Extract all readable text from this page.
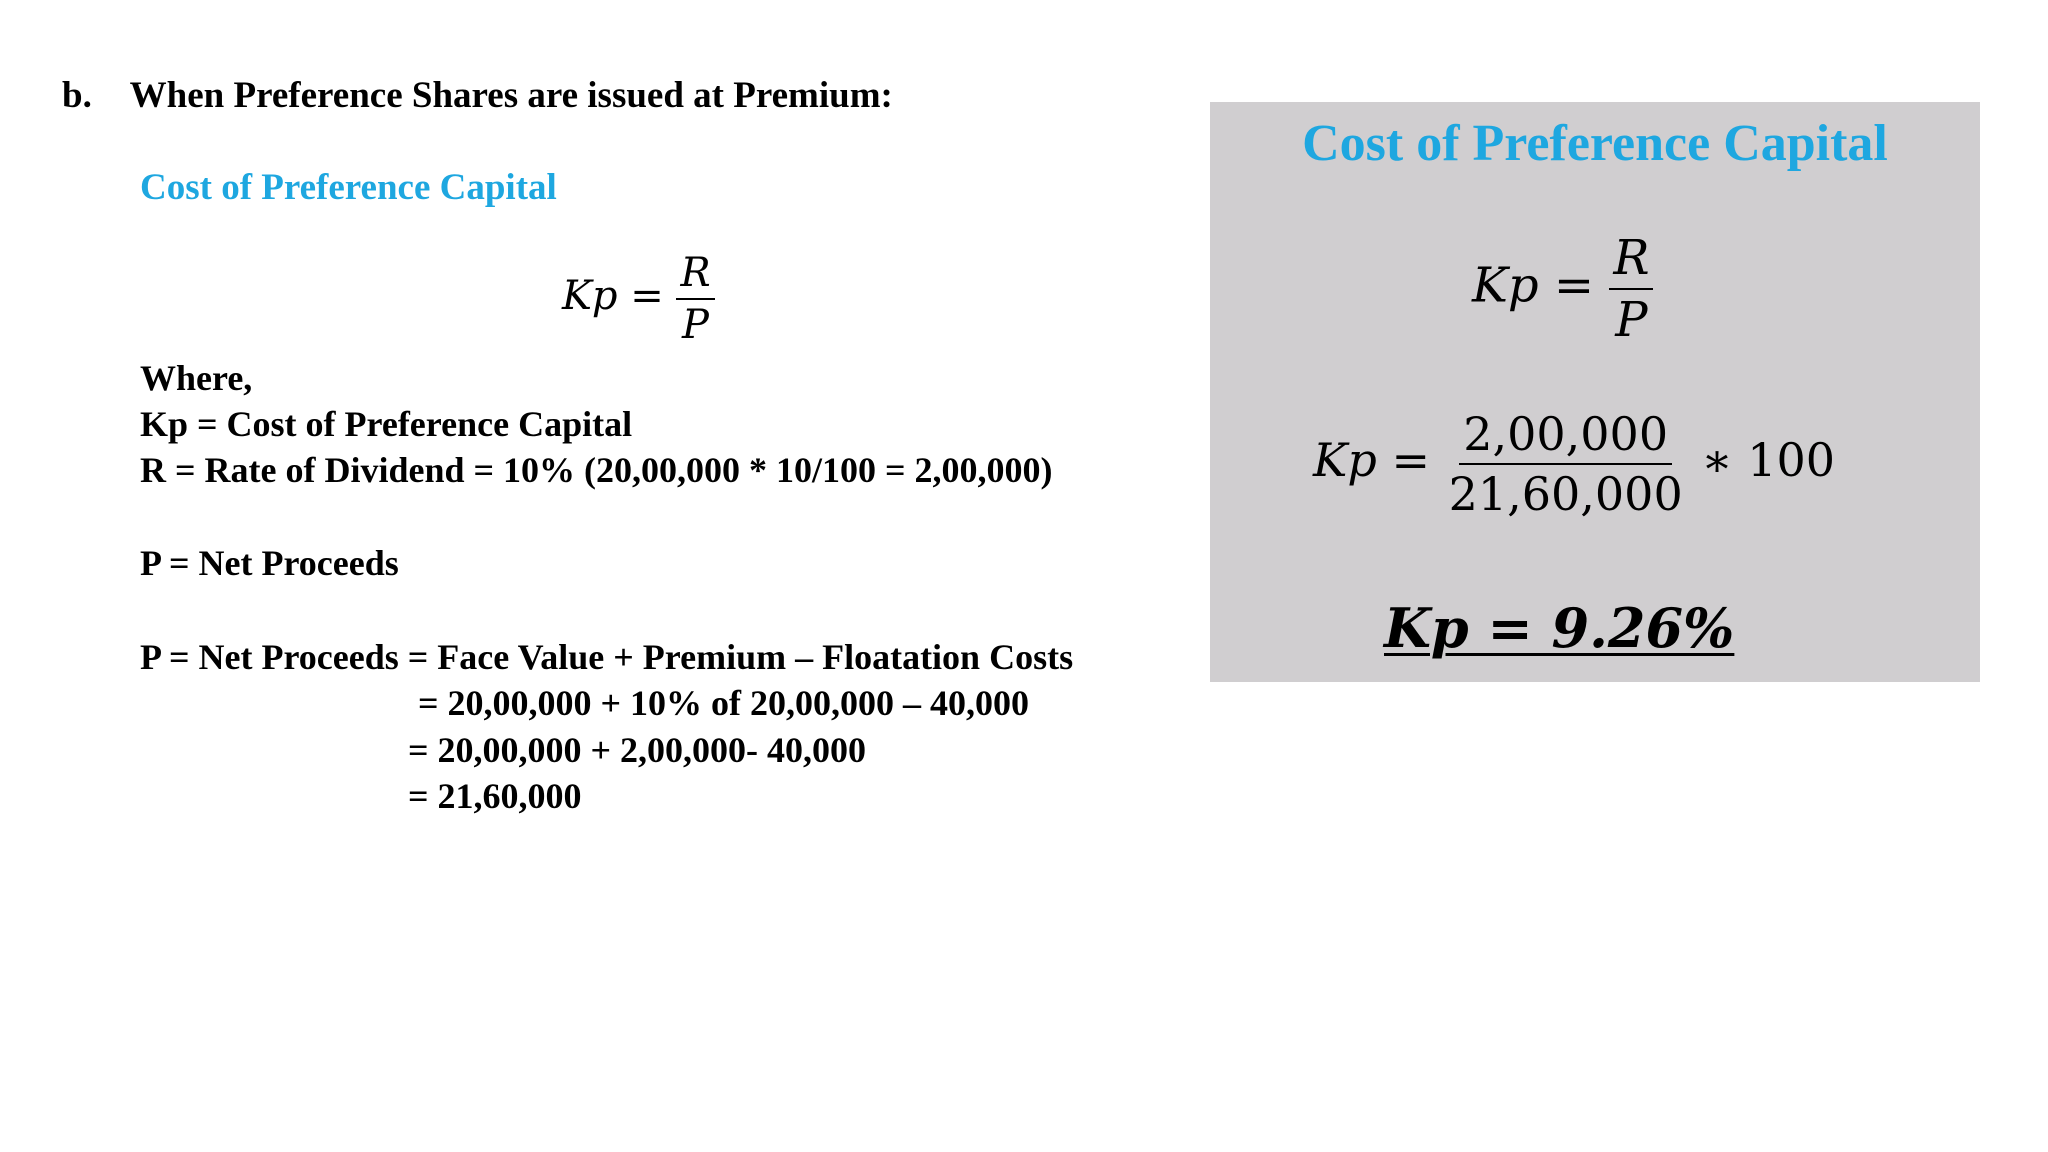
b. When Preference Shares are issued at Premium:
Cost of Preference Capital
$Kp = \frac{R}{P}$
Where,
Kp = Cost of Preference Capital
R = Rate of Dividend = 10% (20,00,000 * 10/100 = 2,00,000)
P = Net Proceeds
P = Net Proceeds = Face Value + Premium – Floatation Costs
= 20,00,000 + 10% of 20,00,000 – 40,000
= 20,00,000 + 2,00,000- 40,000
= 21,60,000
Cost of Preference Capital
$Kp = \frac{R}{P}$
$Kp = \frac{2,00,000}{21,60,000}$ ∗ 100
Kp = 9.26%
